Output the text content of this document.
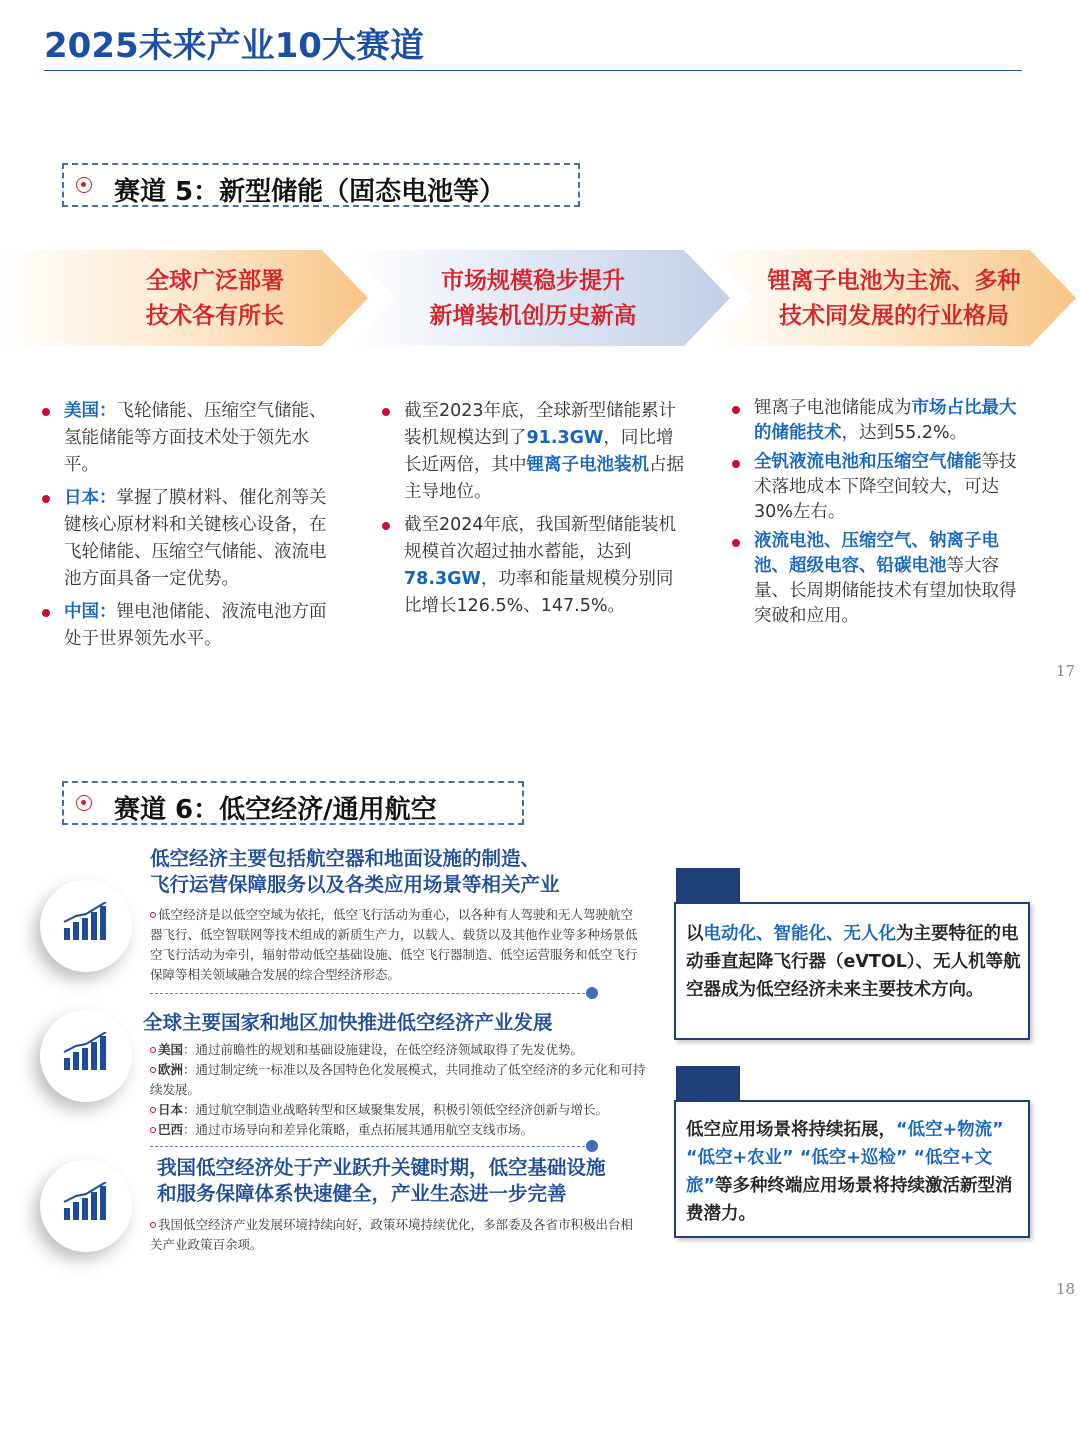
2025未来产业10大赛道
赛道 5：新型储能（固态电池等）
全球广泛部署
技术各有所长
市场规模稳步提升
新增装机创历史新高
锂离子电池为主流、多种
技术同发展的行业格局
美国：飞轮储能、压缩空气储能、氢能储能等方面技术处于领先水平。
日本：掌握了膜材料、催化剂等关键核心原材料和关键核心设备，在飞轮储能、压缩空气储能、液流电池方面具备一定优势。
中国：锂电池储能、液流电池方面处于世界领先水平。
截至2023年底，全球新型储能累计装机规模达到了91.3GW，同比增长近两倍，其中锂离子电池装机占据主导地位。
截至2024年底，我国新型储能装机规模首次超过抽水蓄能，达到78.3GW，功率和能量规模分别同比增长126.5%、147.5%。
锂离子电池储能成为市场占比最大的储能技术，达到55.2%。
全钒液流电池和压缩空气储能等技术落地成本下降空间较大，可达30%左右。
液流电池、压缩空气、钠离子电池、超级电容、铅碳电池等大容量、长周期储能技术有望加快取得突破和应用。
17
赛道 6：低空经济/通用航空
低空经济主要包括航空器和地面设施的制造、
飞行运营保障服务以及各类应用场景等相关产业
低空经济是以低空空域为依托，低空飞行活动为重心，以各种有人驾驶和无人驾驶航空器飞行、低空智联网等技术组成的新质生产力，以载人、载货以及其他作业等多种场景低空飞行活动为牵引，辐射带动低空基础设施、低空飞行器制造、低空运营服务和低空飞行保障等相关领域融合发展的综合型经济形态。
全球主要国家和地区加快推进低空经济产业发展
美国：通过前瞻性的规划和基础设施建设，在低空经济领域取得了先发优势。
欧洲：通过制定统一标准以及各国特色化发展模式，共同推动了低空经济的多元化和可持续发展。
日本：通过航空制造业战略转型和区域聚集发展，积极引领低空经济创新与增长。
巴西：通过市场导向和差异化策略，重点拓展其通用航空支线市场。
我国低空经济处于产业跃升关键时期，低空基础设施
和服务保障体系快速健全，产业生态进一步完善
我国低空经济产业发展环境持续向好，政策环境持续优化，多部委及各省市积极出台相关产业政策百余项。
以电动化、智能化、无人化为主要特征的电动垂直起降飞行器（eVTOL）、无人机等航空器成为低空经济未来主要技术方向。
低空应用场景将持续拓展，“低空+物流” “低空+农业” “低空+巡检” “低空+文旅”等多种终端应用场景将持续激活新型消费潜力。
18
